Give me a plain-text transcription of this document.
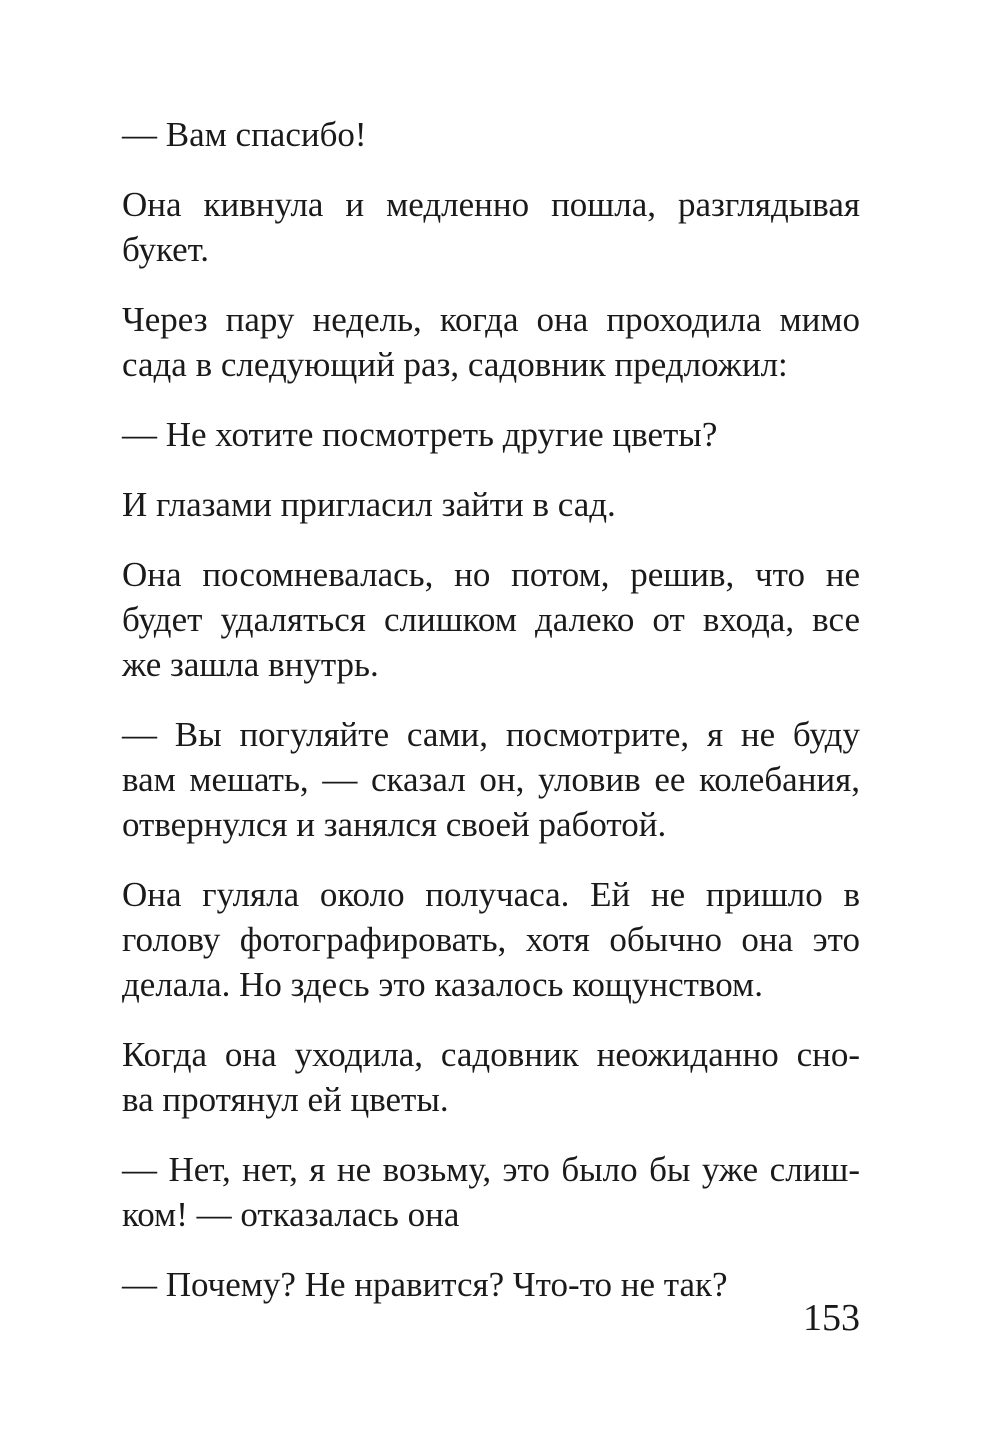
— Вам спасибо!

Она кивнула и медленно пошла, разглядывая
букет.

Через пару недель, когда она проходила мимо
сада в следующий раз, садовник предложил:

— Не хотите посмотреть другие цветы?

И глазами пригласил зайти в сад.

Она посомневалась, но потом, решив, что не
будет удаляться слишком далеко от входа, все
же зашла внутрь.

— Вы погуляйте сами, посмотрите, я не буду
вам мешать, — сказал он, уловив ее колебания,
отвернулся и занялся своей работой.

Она гуляла около получаса. Ей не пришло в
голову фотографировать, хотя обычно она это
делала. Но здесь это казалось кощунством.

Когда она уходила, садовник неожиданно сно-
ва протянул ей цветы.

— Нет, нет, я не возьму, это было бы уже слиш-
ком! — отказалась она

— Почему? Не нравится? Что-то не так?

153
